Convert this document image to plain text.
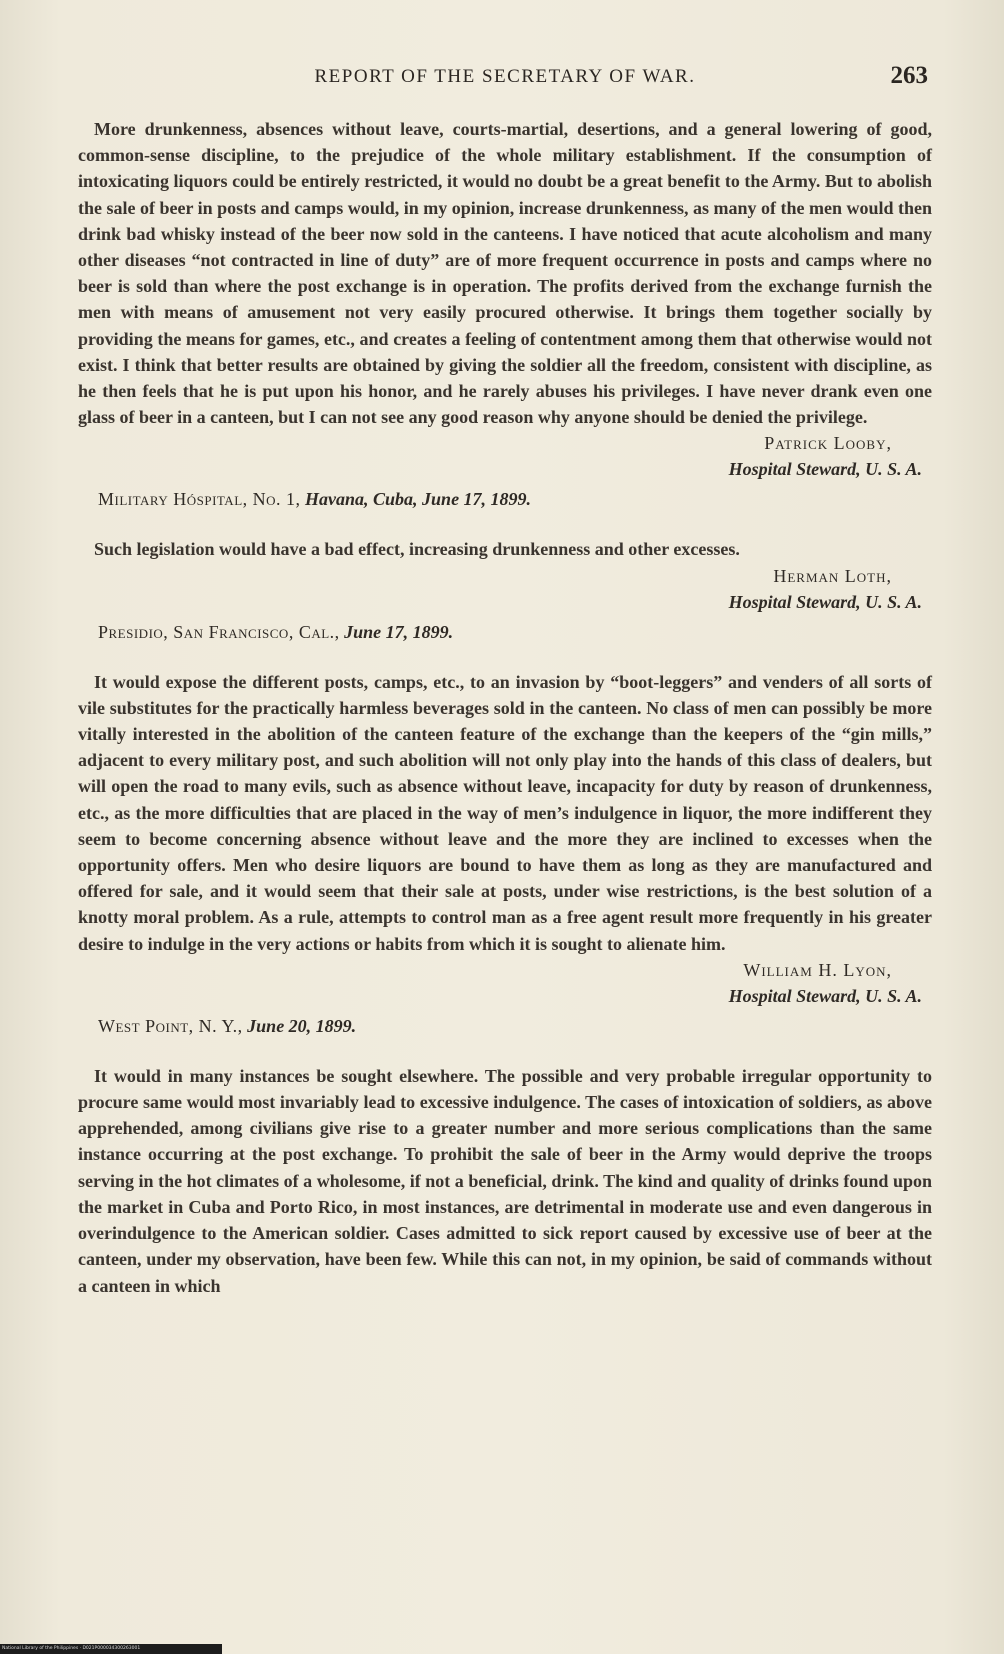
REPORT OF THE SECRETARY OF WAR.	263

More drunkenness, absences without leave, courts-martial, desertions, and a general lowering of good, common-sense discipline, to the prejudice of the whole military establishment. If the consumption of intoxicating liquors could be entirely restricted, it would no doubt be a great benefit to the Army. But to abolish the sale of beer in posts and camps would, in my opinion, increase drunkenness, as many of the men would then drink bad whisky instead of the beer now sold in the canteens. I have noticed that acute alcoholism and many other diseases “not contracted in line of duty” are of more frequent occurrence in posts and camps where no beer is sold than where the post exchange is in operation. The profits derived from the exchange furnish the men with means of amusement not very easily procured otherwise. It brings them together socially by providing the means for games, etc., and creates a feeling of contentment among them that otherwise would not exist. I think that better results are obtained by giving the soldier all the freedom, consistent with discipline, as he then feels that he is put upon his honor, and he rarely abuses his privileges. I have never drank even one glass of beer in a canteen, but I can not see any good reason why anyone should be denied the privilege.

Patrick Looby,
Hospital Steward, U. S. A.
Military Hóspital, No. 1, Havana, Cuba, June 17, 1899.

Such legislation would have a bad effect, increasing drunkenness and other excesses.

Herman Loth,
Hospital Steward, U. S. A.
Presidio, San Francisco, Cal., June 17, 1899.

It would expose the different posts, camps, etc., to an invasion by “boot-leggers” and venders of all sorts of vile substitutes for the practically harmless beverages sold in the canteen. No class of men can possibly be more vitally interested in the abolition of the canteen feature of the exchange than the keepers of the “gin mills,” adjacent to every military post, and such abolition will not only play into the hands of this class of dealers, but will open the road to many evils, such as absence without leave, incapacity for duty by reason of drunkenness, etc., as the more difficulties that are placed in the way of men’s indulgence in liquor, the more indifferent they seem to become concerning absence without leave and the more they are inclined to excesses when the opportunity offers. Men who desire liquors are bound to have them as long as they are manufactured and offered for sale, and it would seem that their sale at posts, under wise restrictions, is the best solution of a knotty moral problem. As a rule, attempts to control man as a free agent result more frequently in his greater desire to indulge in the very actions or habits from which it is sought to alienate him.

William H. Lyon,
Hospital Steward, U. S. A.
West Point, N. Y., June 20, 1899.

It would in many instances be sought elsewhere. The possible and very probable irregular opportunity to procure same would most invariably lead to excessive indulgence. The cases of intoxication of soldiers, as above apprehended, among civilians give rise to a greater number and more serious complications than the same instance occurring at the post exchange. To prohibit the sale of beer in the Army would deprive the troops serving in the hot climates of a wholesome, if not a beneficial, drink. The kind and quality of drinks found upon the market in Cuba and Porto Rico, in most instances, are detrimental in moderate use and even dangerous in overindulgence to the American soldier. Cases admitted to sick report caused by excessive use of beer at the canteen, under my observation, have been few. While this can not, in my opinion, be said of commands without a canteen in which

National Library of the Philippines · D021P000034300263001
